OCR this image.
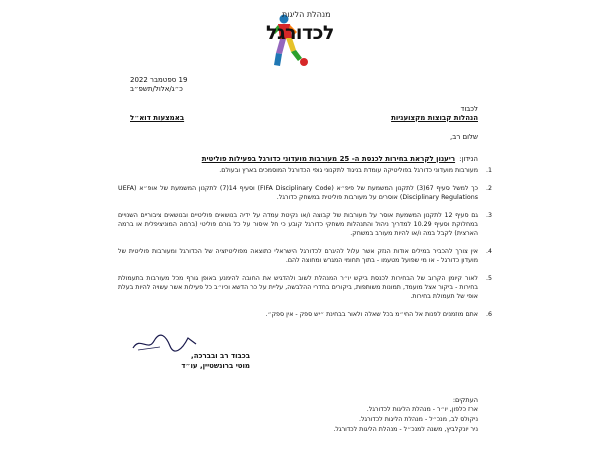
מנהלת הליגות
לכדורגל
19 ספטמבר 2022
כ״ג/אלול/תשפ״ב
לכבוד
הנהלות קבוצות מקצועניות
באמצעות דוא״ל
שלום רב,
הנידון:ריענון לקראת בחירות לכנסת ה- 25 מעורבות מועדוני כדורגל בפעילות פוליטית
1.
מעורבות מועדוני כדורגל בפוליטיקה עומדת בניגוד לתקנוני גופי הכדורגל המוסמכים בארץ ובעולם.
2.
כך למשל סעיף 67(3) לתקנון המשמעת של פיפ״א (FIFA Disciplinary Code) וסעיף 14(7) לתקנון המשמעת של אופ״א (UEFA Disciplinary Regulations) אוסרים על מעורבות פוליטית במשחק כדורגל.
3.
גם סעיף 12 לתקנון המשמעת אוסר על מעורבות של קבוצה ו/או נקיטת עמדה על ידיה בנושאים פוליטיים ובנושאים ציבוריים השנויים במחלוקת וסעיף 10.29 למדריך ניהול והתנהלות משחקי כדורגל קובע כי חל איסור על כל גורם פוליטי (ברמה המוניציפלית או ברמה הארצית) לקבל במה ו/או להיות מעורב במשחק.
4.
אין צורך להכביר במילים אודות הנזק אשר עלול להיגרם לכדורגל הישראלי כתוצאה מפוליטיזציה של הכדורגל ומעורבות פוליטית של מועדון כדורגל - או מי שפועל מטעמו - בתוך תחומי המגרש ומחוצה להם.
5.
לאור קיומן הקרוב של הבחירות לכנסת ביקש יו״ר המנהלת לשוב ולהדגיש את החובה להימנע באופן גורף מכל מעורבות בתעמולת בחירות - ביקור אצל מועמד, תמונות משותפות, ביקורים בחדרי ההלבשה, עליית על כר הדשא וכיו״ב כל פעילות אשר עשויה להיות בעלת אופי של תעמולת בחירות.
6.
אתם מוזמנים לפנות אל החי״מ בכל שאלה ולאור בבחינת ״יש ספק - אין ספק״.
בכבוד רב ובברכה,
מוטי ברונשטיין, עו״ד
העתקים:
ארז כלפון, יו״ר - מנהלת הליגות לכדורגל.
ניקולס לב, מנכ״ל - מנהלת הליגות לכדורגל.
ניר יונקלביץ, משנה למנכ״ל - מנהלת הליגות לכדורגל.
